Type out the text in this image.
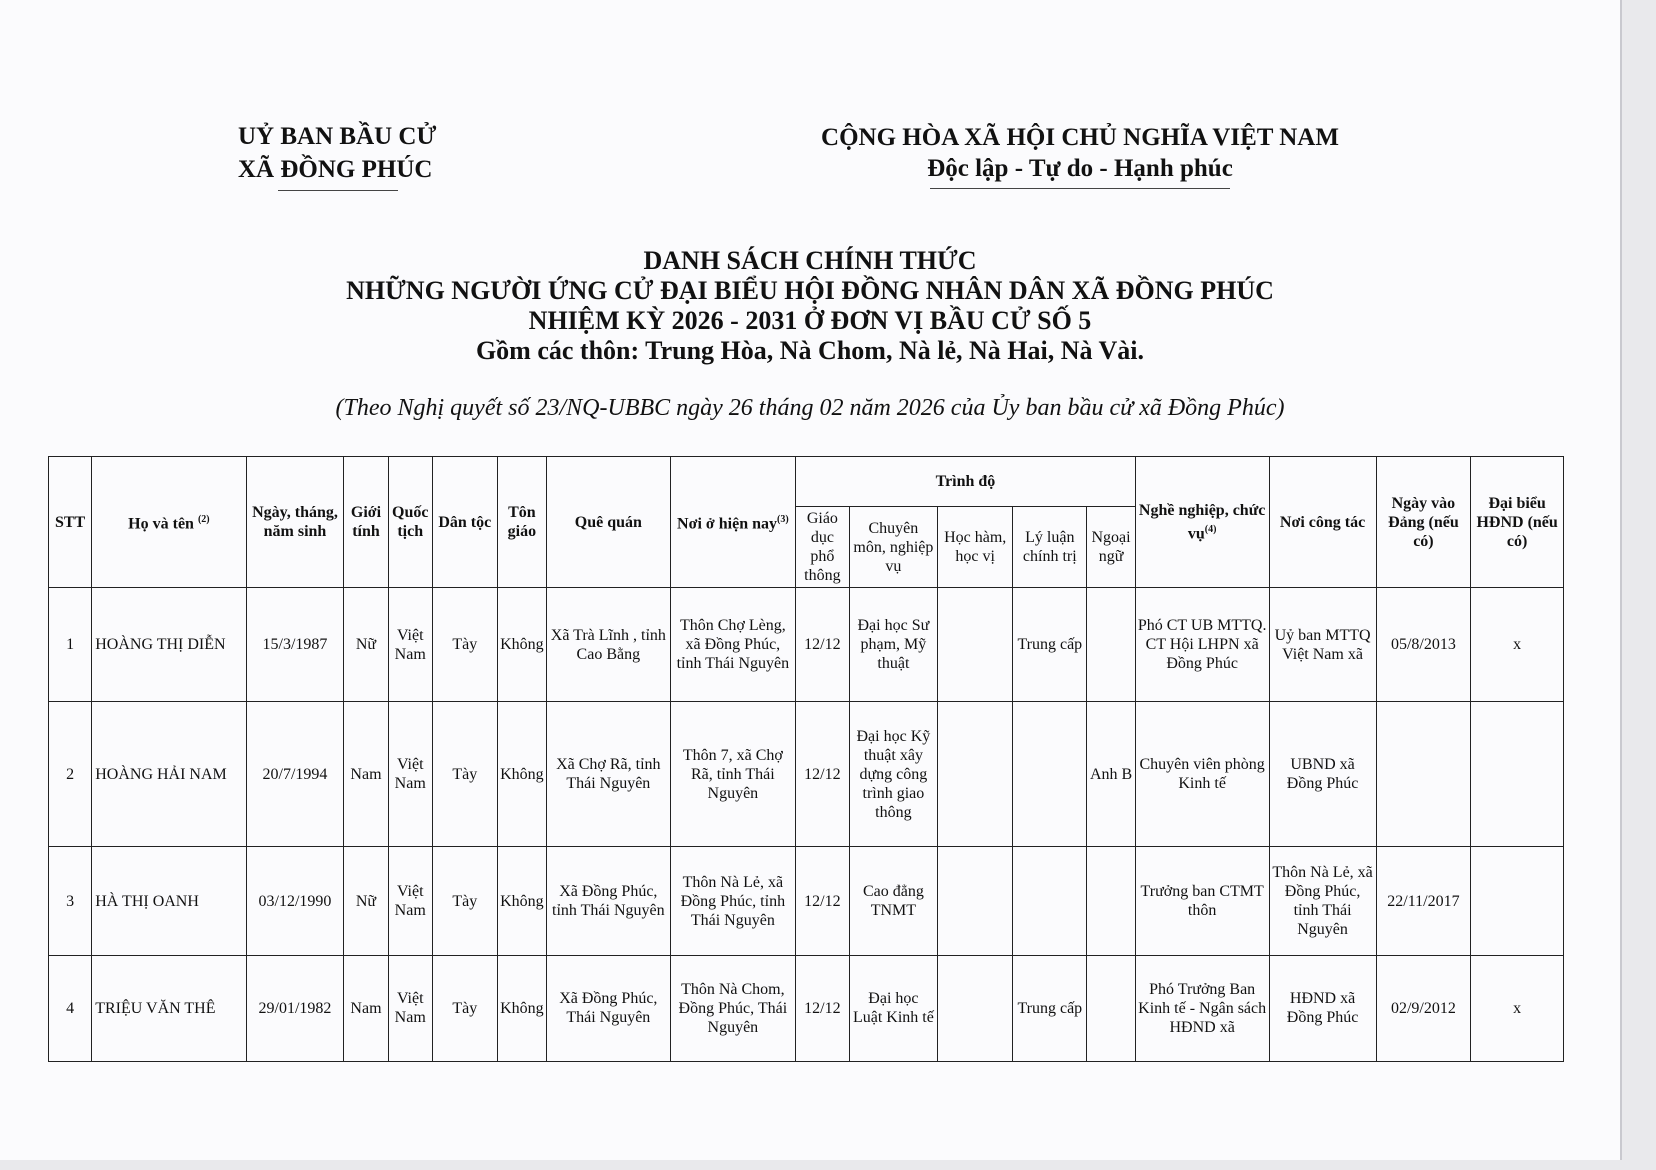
UỶ BAN BẦU CỬ
XÃ ĐỒNG PHÚC
CỘNG HÒA XÃ HỘI CHỦ NGHĨA VIỆT NAM
Độc lập - Tự do - Hạnh phúc
DANH SÁCH CHÍNH THỨC
NHỮNG NGƯỜI ỨNG CỬ ĐẠI BIỂU HỘI ĐỒNG NHÂN DÂN XÃ ĐỒNG PHÚC
NHIỆM KỲ 2026 - 2031 Ở ĐƠN VỊ BẦU CỬ SỐ 5
Gồm các thôn: Trung Hòa, Nà Chom, Nà lẻ, Nà Hai, Nà Vài.
(Theo Nghị quyết số 23/NQ-UBBC ngày 26 tháng 02 năm 2026 của Ủy ban bầu cử xã Đồng Phúc)
STT	Họ và tên $^{(2)}$	Ngày, tháng, năm sinh	Giới tính	Quốc tịch	Dân tộc	Tôn giáo	Quê quán	Nơi ở hiện nay$^{(3)}$	Trình độ					Nghề nghiệp, chức vụ$^{(4)}$	Nơi công tác	Ngày vào Đảng (nếu có)	Đại biểu HĐND (nếu có)
									Giáo dục phổ thông	Chuyên môn, nghiệp vụ	Học hàm, học vị	Lý luận chính trị	Ngoại ngữ				
1	HOÀNG THỊ DIỄN	15/3/1987	Nữ	Việt Nam	Tày	Không	Xã Trà Lĩnh , tỉnh Cao Bằng	Thôn Chợ Lèng, xã Đồng Phúc, tỉnh Thái Nguyên	12/12	Đại học Sư phạm, Mỹ thuật		Trung cấp		Phó CT UB MTTQ. CT Hội LHPN xã Đồng Phúc	Uỷ ban MTTQ Việt Nam xã	05/8/2013	x
2	HOÀNG HẢI NAM	20/7/1994	Nam	Việt Nam	Tày	Không	Xã Chợ Rã, tỉnh Thái Nguyên	Thôn 7, xã Chợ Rã, tỉnh Thái Nguyên	12/12	Đại học Kỹ thuật xây dựng công trình giao thông			Anh B	Chuyên viên phòng Kinh tế	UBND xã Đồng Phúc		
3	HÀ THỊ OANH	03/12/1990	Nữ	Việt Nam	Tày	Không	Xã Đồng Phúc, tỉnh Thái Nguyên	Thôn Nà Lẻ, xã Đồng Phúc, tỉnh Thái Nguyên	12/12	Cao đẳng TNMT				Trưởng ban CTMT thôn	Thôn Nà Lẻ, xã Đồng Phúc, tỉnh Thái Nguyên	22/11/2017	
4	TRIỆU VĂN THÊ	29/01/1982	Nam	Việt Nam	Tày	Không	Xã Đồng Phúc, Thái Nguyên	Thôn Nà Chom, Đồng Phúc, Thái Nguyên	12/12	Đại học Luật Kinh tế		Trung cấp		Phó Trưởng Ban Kinh tế - Ngân sách HĐND xã	HĐND xã Đồng Phúc	02/9/2012	x
